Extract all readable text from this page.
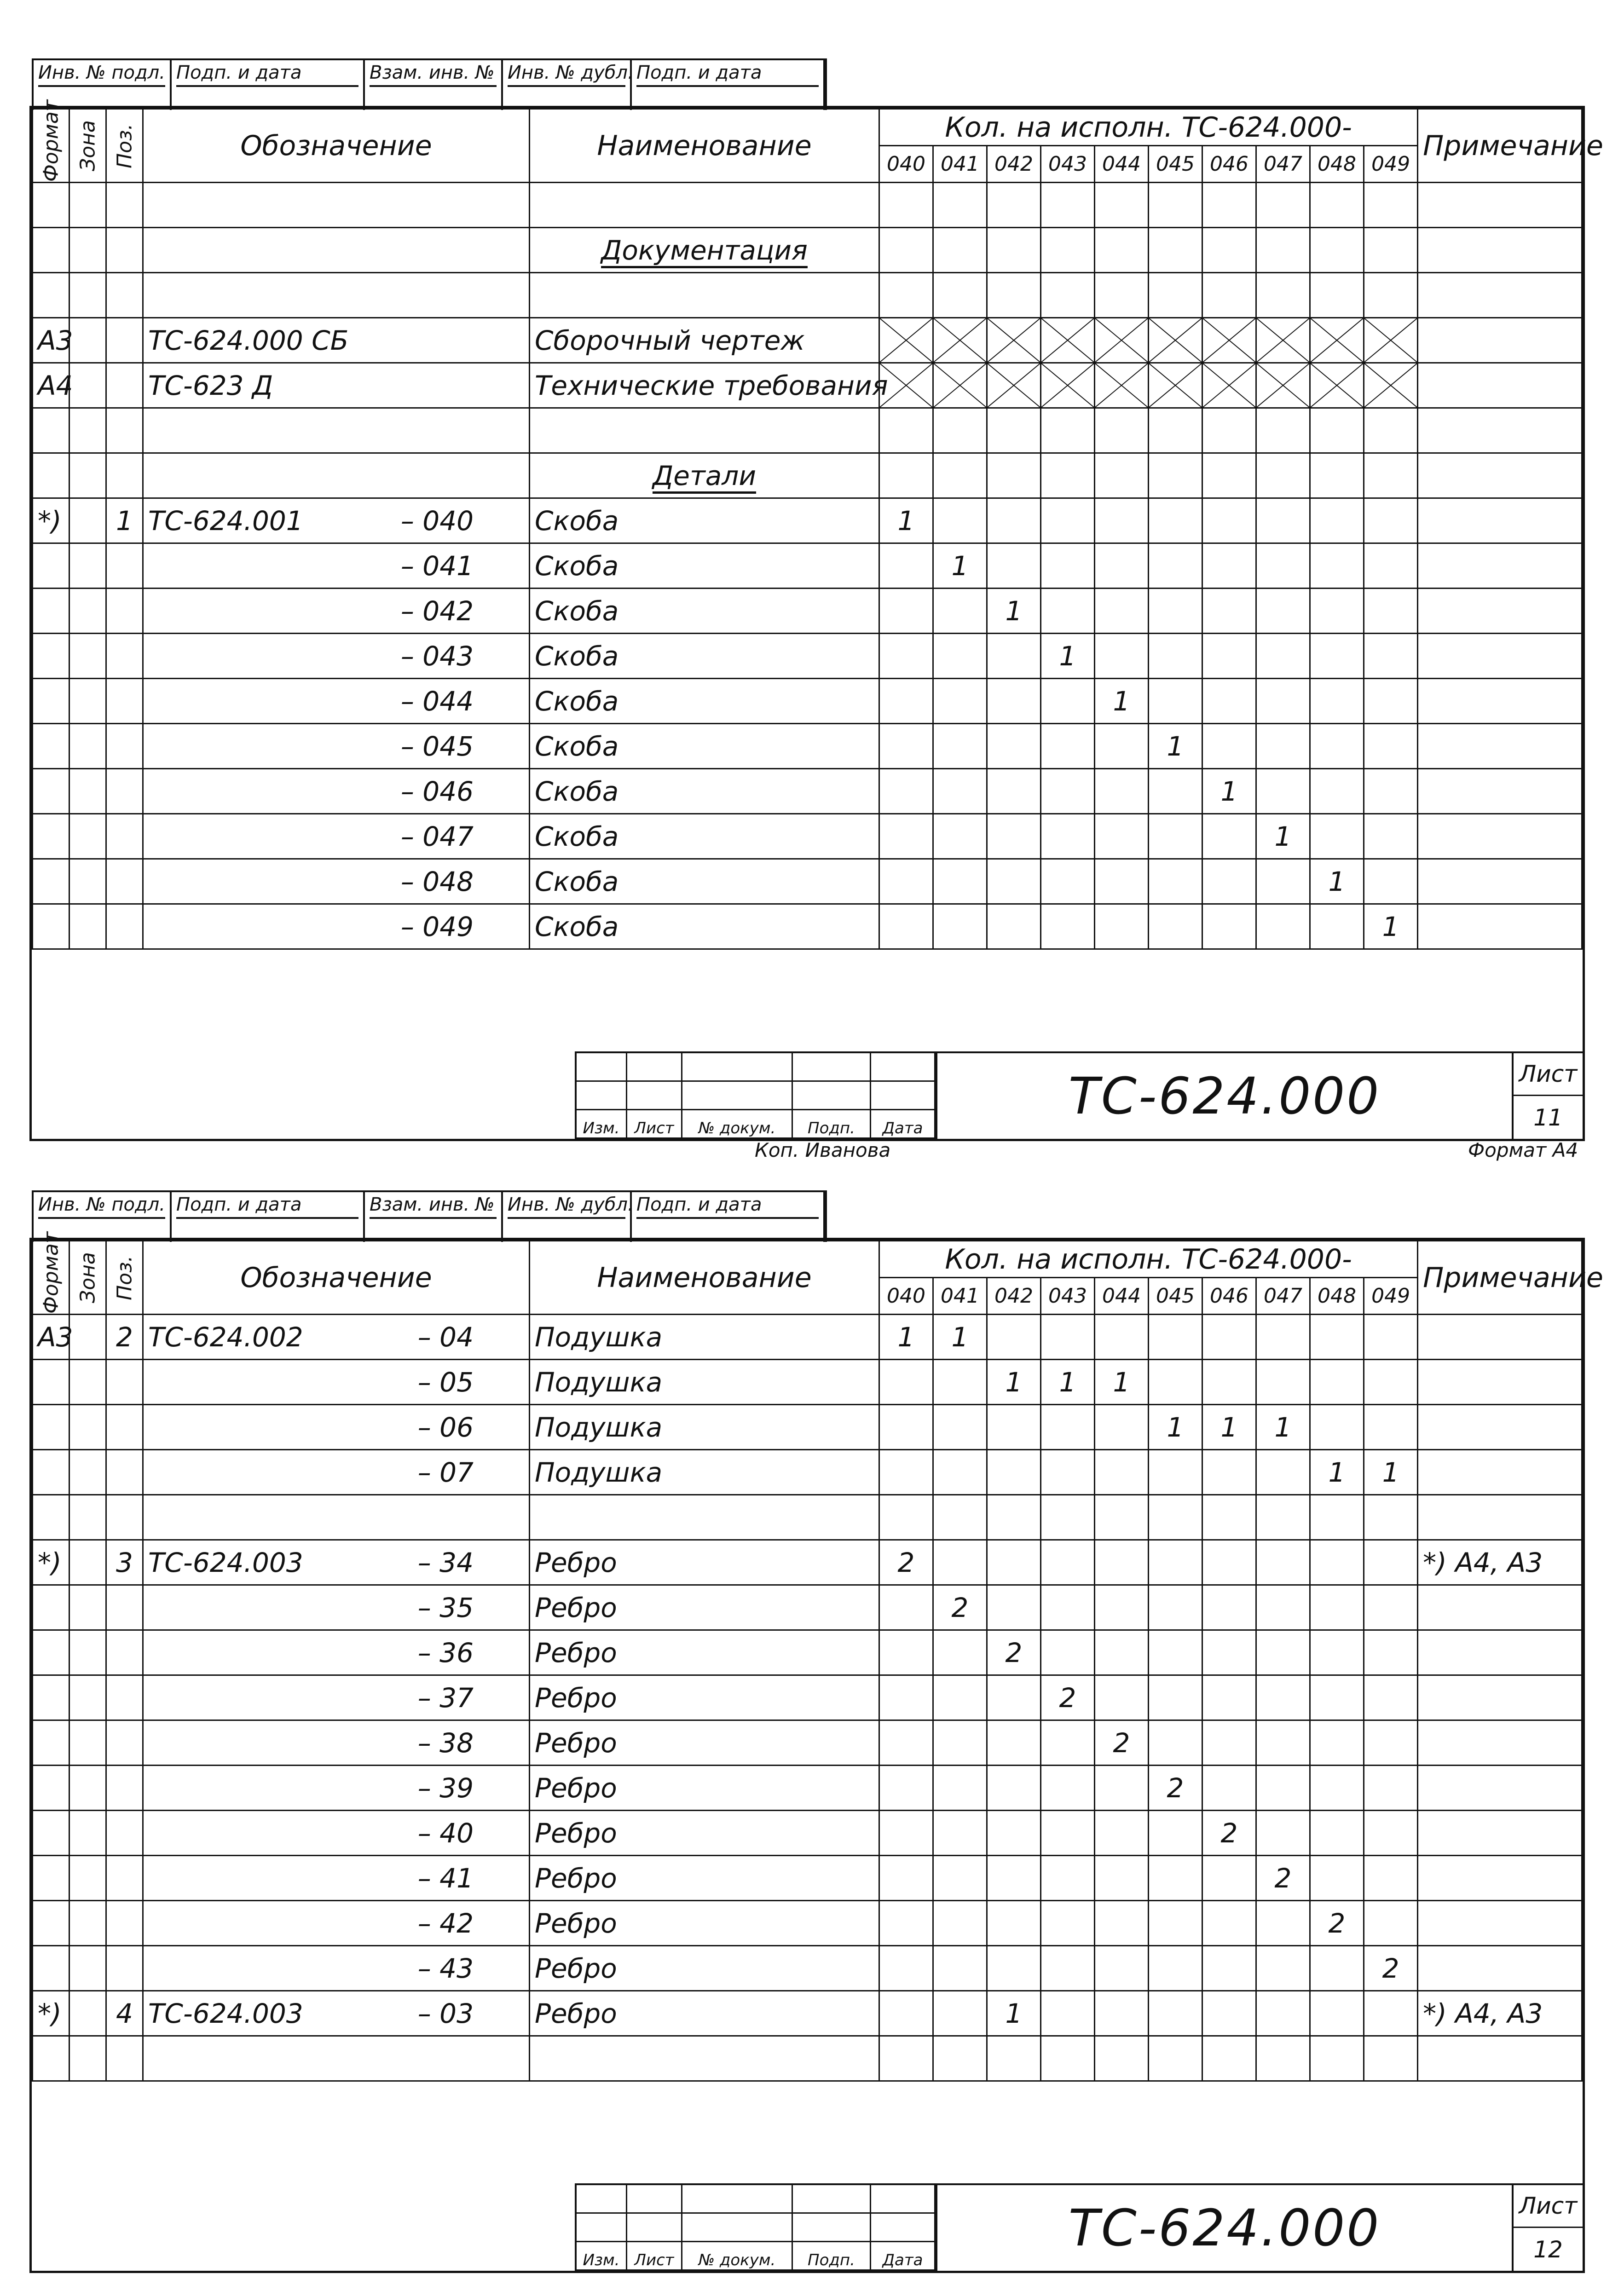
Инв. № подл. Подп. и дата	Взам. инв. № Инв. № дубл. Подп. и дата
Формат	Зона	Поз.	Обозначение	Наименование	Кол. на исполн. ТС-624.000-										Примечание
					040	041	042	043	044	045	046	047	048	049	

	Документация											

А3			ТС-624.000 СБ	Сборочный чертеж	

А4			ТС-623 Д	Технические требования	

	Детали											
*)		1	ТС-624.001 – 040	Скоба	1										

			– 041	Скоба		1									

			– 042	Скоба			1								

			– 043	Скоба				1							

			– 044	Скоба					1						

			– 045	Скоба						1					

			– 046	Скоба							1				

			– 047	Скоба								1			

			– 048	Скоба									1		

			– 049	Скоба										1	
Изм. Лист	№ докум.	Подп.	Дата
ТС-624.000	Лист
11
Коп. Иванова	Формат А4
Инв. № подл. Подп. и дата	Взам. инв. № Инв. № дубл. Подп. и дата
Формат	Зона	Поз.	Обозначение	Наименование	Кол. на исполн. ТС-624.000-										Примечание
					040	041	042	043	044	045	046	047	048	049	
А3		2	ТС-624.002 – 04	Подушка	1	1									

			– 05	Подушка			1	1	1						

			– 06	Подушка						1	1	1			

			– 07	Подушка									1	1	

*)		3	ТС-624.003 – 34	Ребро	2										*) А4, А3

			– 35	Ребро		2									

			– 36	Ребро			2								

			– 37	Ребро				2							

			– 38	Ребро					2						

			– 39	Ребро						2					

			– 40	Ребро							2				

			– 41	Ребро								2			

			– 42	Ребро									2		

			– 43	Ребро										2	
*)		4	ТС-624.003 – 03	Ребро			1								*) А4, А3

Изм. Лист	№ докум.	Подп.	Дата
ТС-624.000	Лист
12
